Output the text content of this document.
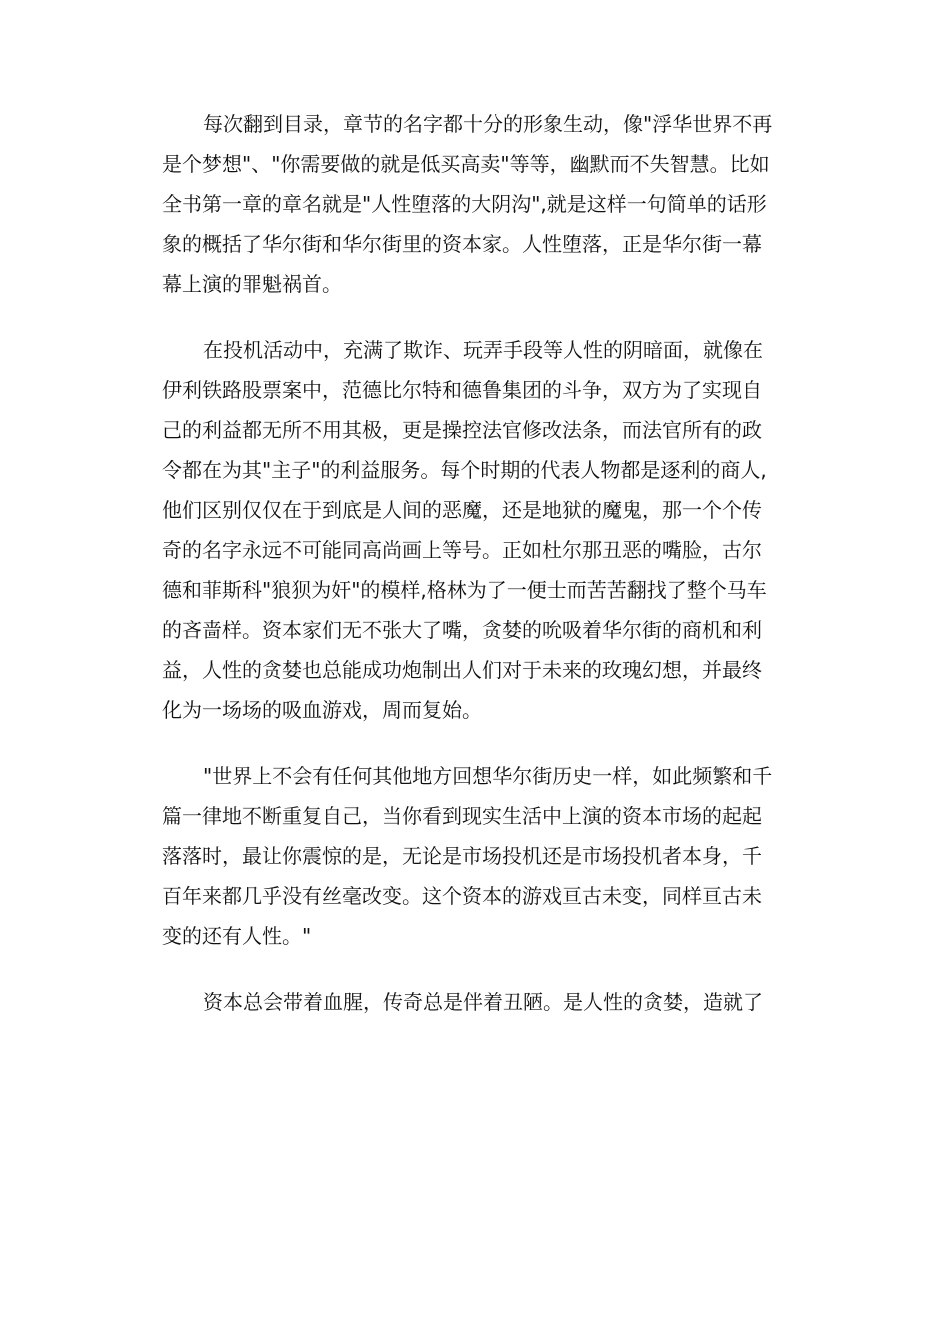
每次翻到目录，章节的名字都十分的形象生动，像"浮华世界不再
是个梦想"、"你需要做的就是低买高卖"等等，幽默而不失智慧。比如
全书第一章的章名就是"人性堕落的大阴沟",就是这样一句简单的话形
象的概括了华尔街和华尔街里的资本家。人性堕落，正是华尔街一幕
幕上演的罪魁祸首。
在投机活动中，充满了欺诈、玩弄手段等人性的阴暗面，就像在
伊利铁路股票案中，范德比尔特和德鲁集团的斗争，双方为了实现自
己的利益都无所不用其极，更是操控法官修改法条，而法官所有的政
令都在为其"主子"的利益服务。每个时期的代表人物都是逐利的商人,
他们区别仅仅在于到底是人间的恶魔，还是地狱的魔鬼，那一个个传
奇的名字永远不可能同高尚画上等号。正如杜尔那丑恶的嘴脸，古尔
德和菲斯科"狼狈为奸"的模样,格林为了一便士而苦苦翻找了整个马车
的吝啬样。资本家们无不张大了嘴，贪婪的吮吸着华尔街的商机和利
益，人性的贪婪也总能成功炮制出人们对于未来的玫瑰幻想，并最终
化为一场场的吸血游戏，周而复始。
"世界上不会有任何其他地方回想华尔街历史一样，如此频繁和千
篇一律地不断重复自己，当你看到现实生活中上演的资本市场的起起
落落时，最让你震惊的是，无论是市场投机还是市场投机者本身，千
百年来都几乎没有丝毫改变。这个资本的游戏亘古未变，同样亘古未
变的还有人性。"
资本总会带着血腥，传奇总是伴着丑陋。是人性的贪婪，造就了
